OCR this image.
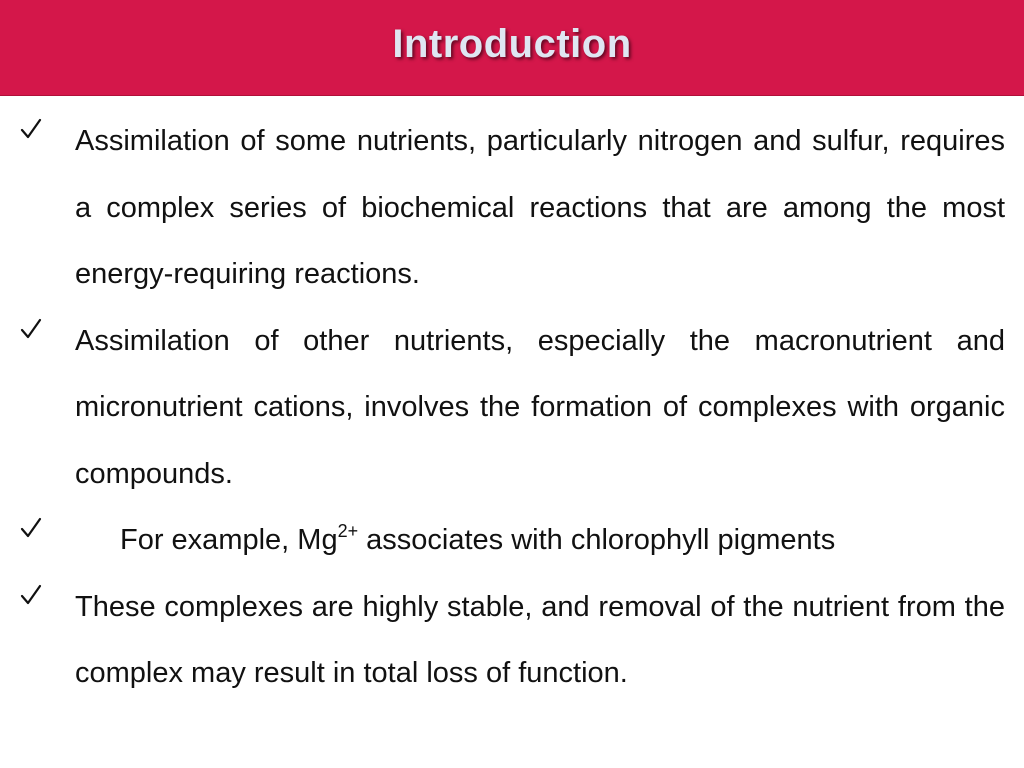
Introduction
Assimilation of some nutrients, particularly nitrogen and sulfur, requires a complex series of biochemical reactions that are among the most energy-requiring reactions.
Assimilation of other nutrients, especially the macronutrient and micronutrient cations, involves the formation of complexes with organic compounds.
For example, $Mg^{2+}$ associates with chlorophyll pigments
These complexes are highly stable, and removal of the nutrient from the complex may result in total loss of function.
